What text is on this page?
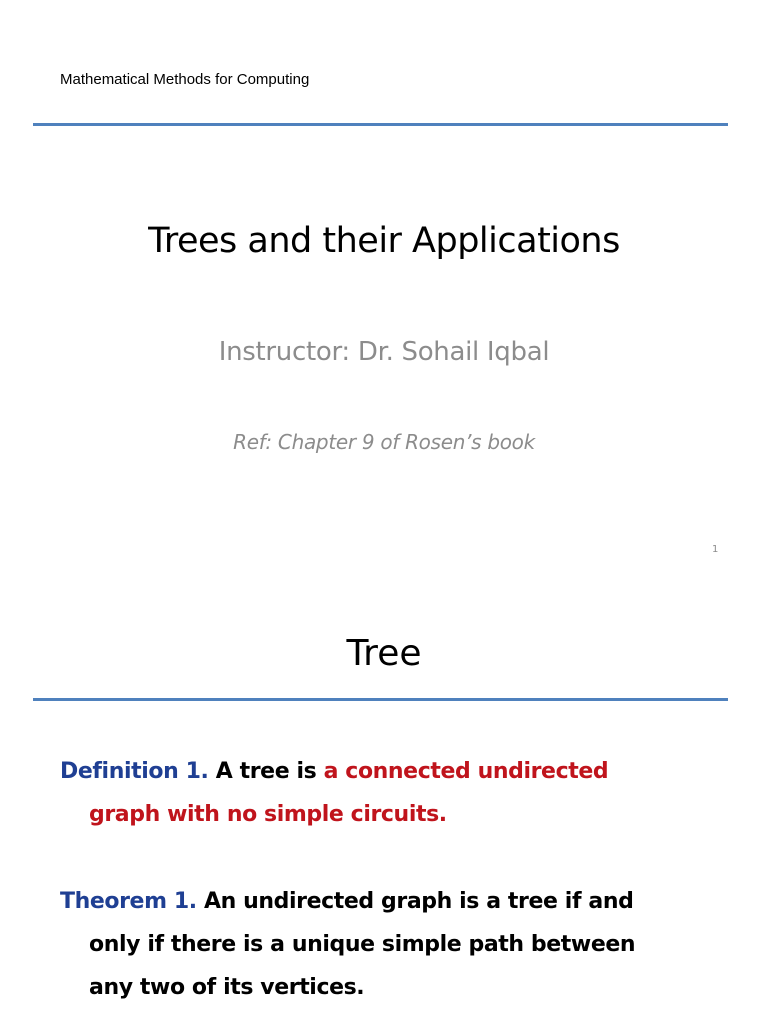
Mathematical Methods for Computing
Trees and their Applications
Instructor: Dr. Sohail Iqbal
Ref: Chapter 9 of Rosen’s book
1
Tree
Definition 1. A tree is a connected undirected
graph with no simple circuits.
Theorem 1. An undirected graph is a tree if and
only if there is a unique simple path between
any two of its vertices.
